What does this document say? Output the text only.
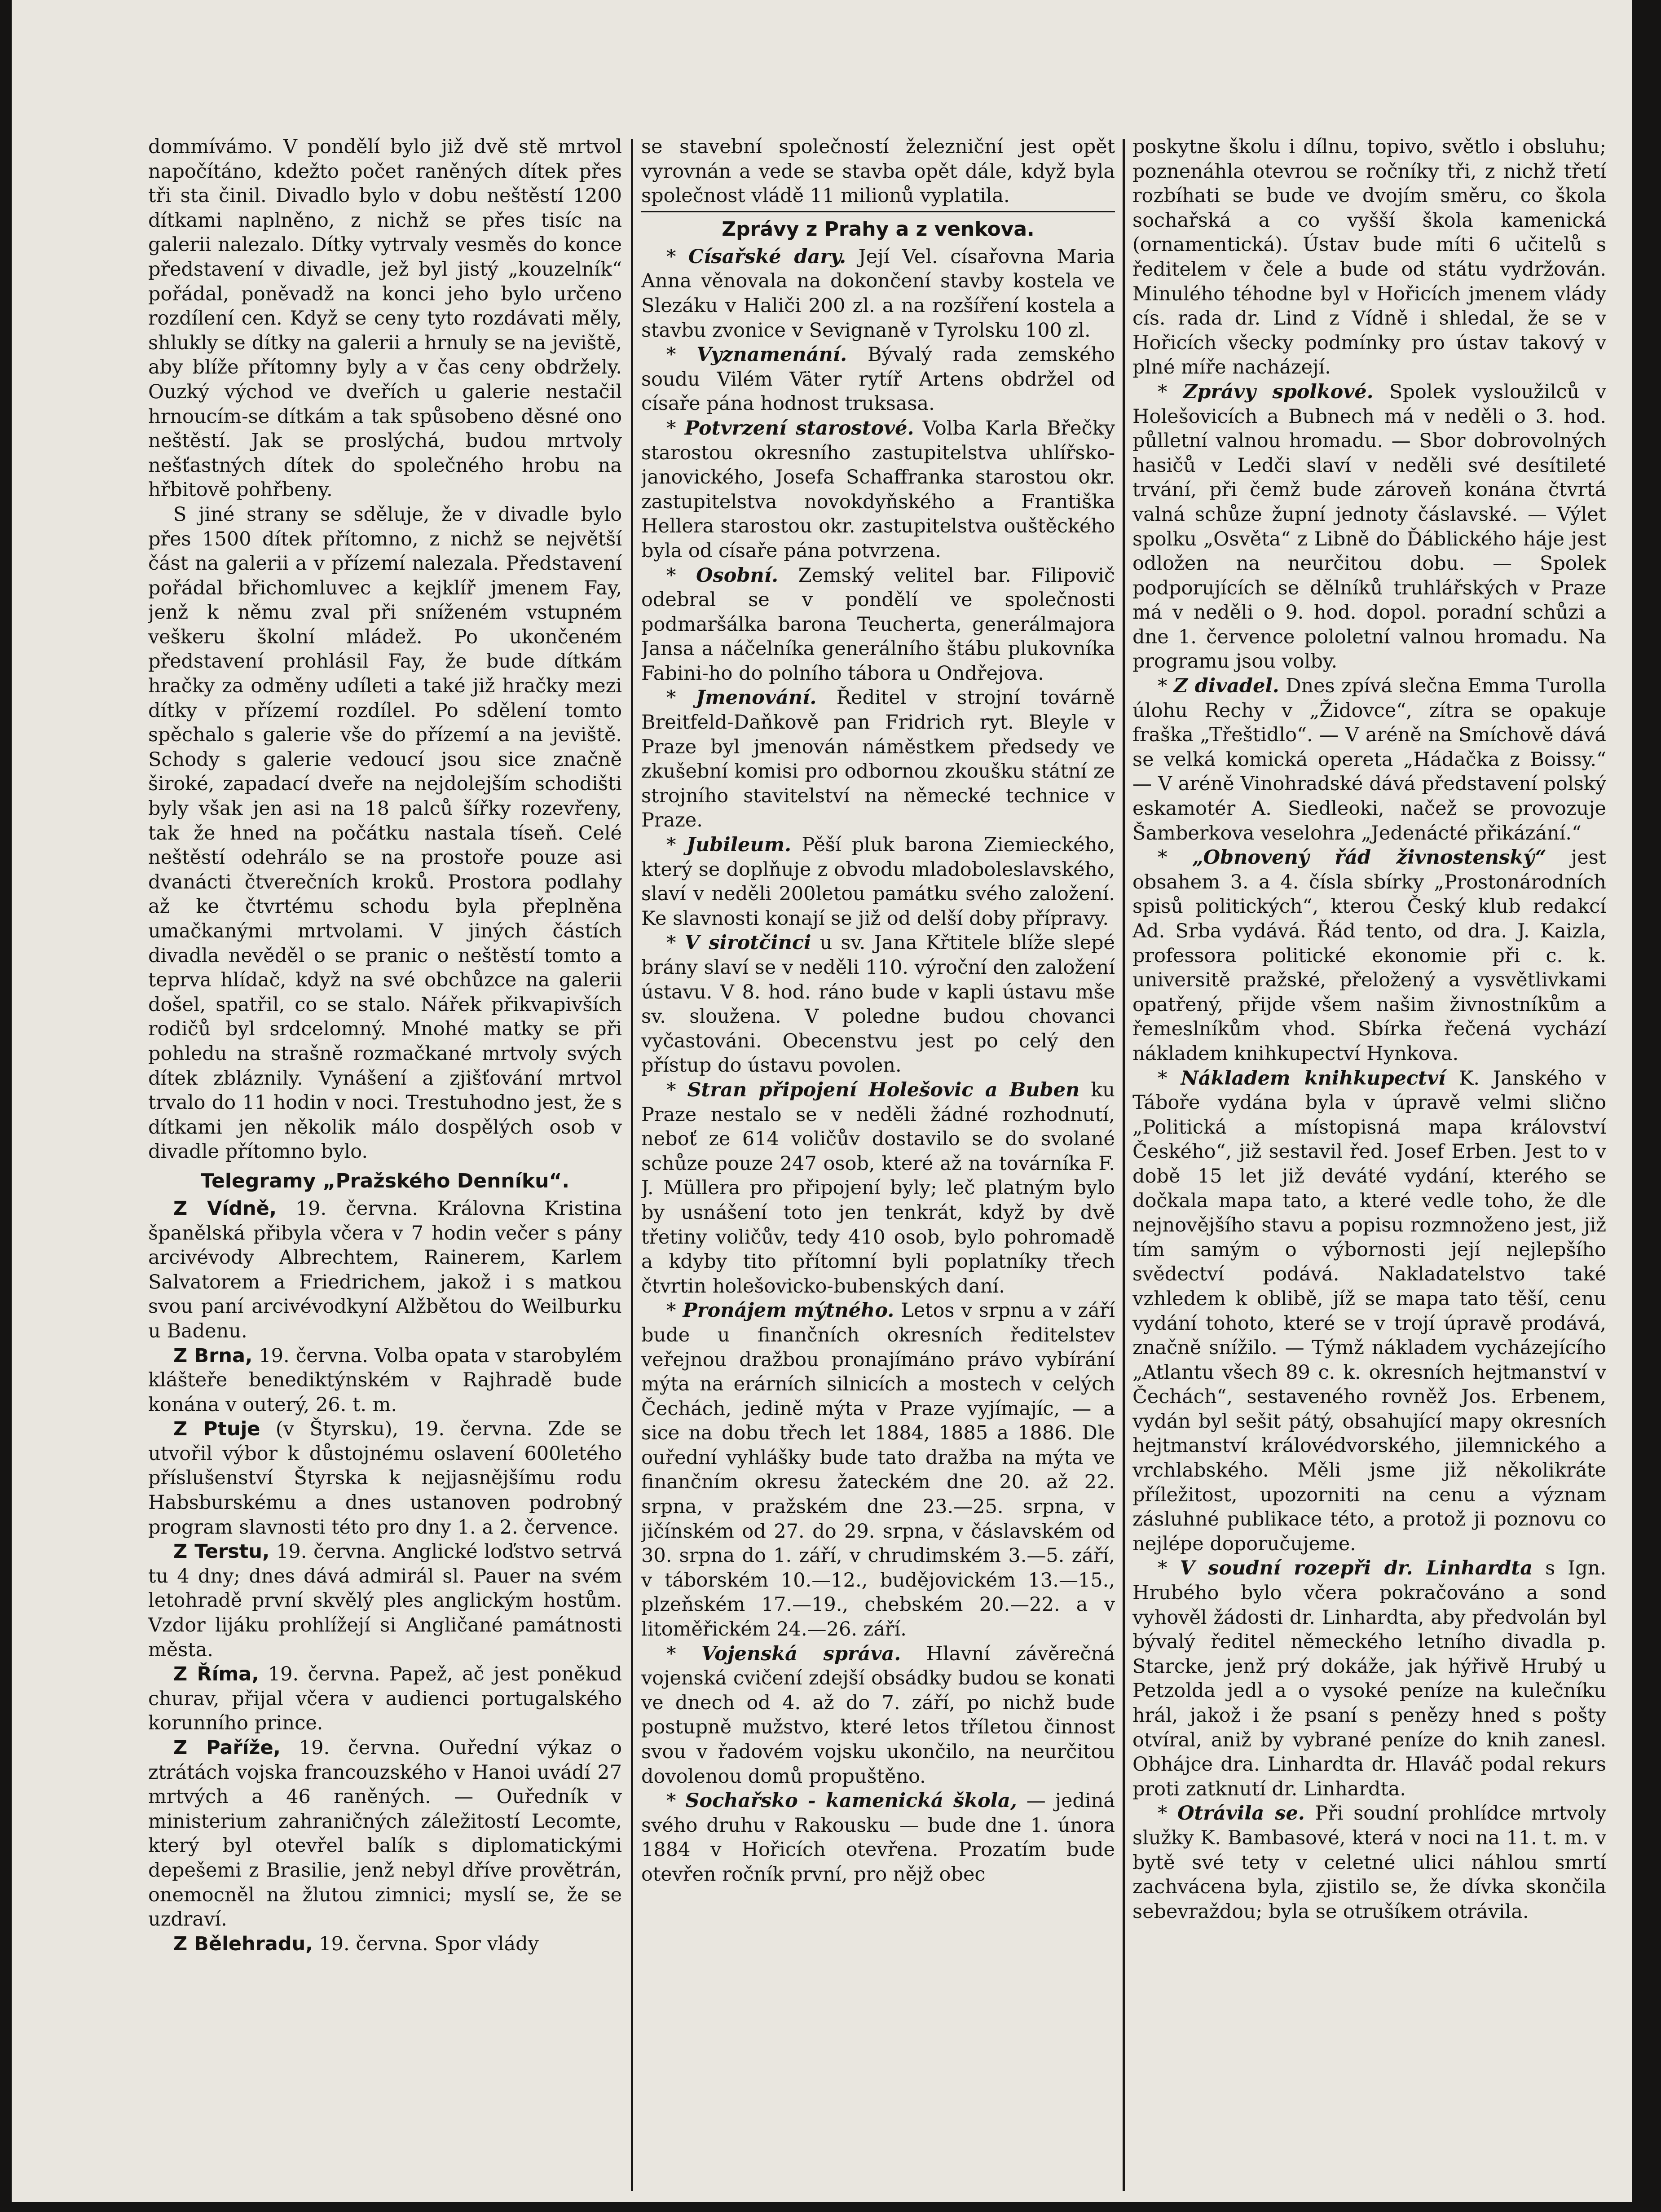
dommívámo. V pondělí bylo již dvě stě mrtvol napočítáno, kdežto počet raněných dítek přes tři sta činil. Divadlo bylo v dobu neštěstí 1200 dítkami naplněno, z nichž se přes tisíc na galerii nalezalo. Dítky vytrvaly vesměs do konce představení v divadle, jež byl jistý „kouzelník“ pořádal, poněvadž na konci jeho bylo určeno rozdílení cen. Když se ceny tyto rozdávati měly, shlukly se dítky na galerii a hrnuly se na jeviště, aby blíže přítomny byly a v čas ceny obdržely. Ouzký východ ve dveřích u galerie nestačil hrnoucím-se dítkám a tak spůsobeno děsné ono neštěstí. Jak se proslýchá, budou mrtvoly nešťastných dítek do společného hrobu na hřbitově pohřbeny.

S jiné strany se sděluje, že v divadle bylo přes 1500 dítek přítomno, z nichž se největší část na galerii a v přízemí nalezala. Představení pořádal břichomluvec a kejklíř jmenem Fay, jenž k němu zval při sníženém vstupném veškeru školní mládež. Po ukončeném představení prohlásil Fay, že bude dítkám hračky za odměny udíleti a také již hračky mezi dítky v přízemí rozdílel. Po sdělení tomto spěchalo s galerie vše do přízemí a na jeviště. Schody s galerie vedoucí jsou sice značně široké, zapadací dveře na nejdolejším schodišti byly však jen asi na 18 palců šířky rozevřeny, tak že hned na počátku nastala tíseň. Celé neštěstí odehrálo se na prostoře pouze asi dvanácti čtverečních kroků. Prostora podlahy až ke čtvrtému schodu byla přeplněna umačkanými mrtvolami. V jiných částích divadla nevěděl o se pranic o neštěstí tomto a teprva hlídač, když na své obchůzce na galerii došel, spatřil, co se stalo. Nářek přikvapivších rodičů byl srdcelomný. Mnohé matky se při pohledu na strašně rozmačkané mrtvoly svých dítek zbláznily. Vynášení a zjišťování mrtvol trvalo do 11 hodin v noci. Trestuhodno jest, že s dítkami jen několik málo dospělých osob v divadle přítomno bylo.

Telegramy „Pražského Denníku“.

Z Vídně, 19. června. Královna Kristina španělská přibyla včera v 7 hodin večer s pány arcivévody Albrechtem, Rainerem, Karlem Salvatorem a Friedrichem, jakož i s matkou svou paní arcivévodkyní Alžbětou do Weilburku u Badenu.

Z Brna, 19. června. Volba opata v starobylém klášteře benediktýnském v Rajhradě bude konána v outerý, 26. t. m.

Z Ptuje (v Štyrsku), 19. června. Zde se utvořil výbor k důstojnému oslavení 600letého příslušenství Štyrska k nejjasnějšímu rodu Habsburskému a dnes ustanoven podrobný program slavnosti této pro dny 1. a 2. července.

Z Terstu, 19. června. Anglické loďstvo setrvá tu 4 dny; dnes dává admirál sl. Pauer na svém letohradě první skvělý ples anglickým hostům. Vzdor lijáku prohlížejí si Angličané památnosti města.

Z Říma, 19. června. Papež, ač jest poněkud churav, přijal včera v audienci portugalského korunního prince.

Z Paříže, 19. června. Ouřední výkaz o ztrátách vojska francouzského v Hanoi uvádí 27 mrtvých a 46 raněných. — Ouředník v ministerium zahraničných záležitostí Lecomte, který byl otevřel balík s diplomatickými depešemi z Brasilie, jenž nebyl dříve provětrán, onemocněl na žlutou zimnici; myslí se, že se uzdraví.

Z Bělehradu, 19. června. Spor vlády

se stavební společností železniční jest opět vyrovnán a vede se stavba opět dále, když byla společnost vládě 11 milionů vyplatila.

Zprávy z Prahy a z venkova.

* Císařské dary. Její Vel. císařovna Maria Anna věnovala na dokončení stavby kostela ve Slezáku v Haliči 200 zl. a na rozšíření kostela a stavbu zvonice v Sevignaně v Tyrolsku 100 zl.

* Vyznamenání. Bývalý rada zemského soudu Vilém Väter rytíř Artens obdržel od císaře pána hodnost truksasa.

* Potvrzení starostové. Volba Karla Břečky starostou okresního zastupitelstva uhlířsko-janovického, Josefa Schaffranka starostou okr. zastupitelstva novokdyňského a Františka Hellera starostou okr. zastupitelstva ouštěckého byla od císaře pána potvrzena.

* Osobní. Zemský velitel bar. Filipovič odebral se v pondělí ve společnosti podmaršálka barona Teucherta, generálmajora Jansa a náčelníka generálního štábu plukovníka Fabini-ho do polního tábora u Ondřejova.

* Jmenování. Ředitel v strojní továrně Breitfeld-Daňkově pan Fridrich ryt. Bleyle v Praze byl jmenován náměstkem předsedy ve zkušební komisi pro odbornou zkoušku státní ze strojního stavitelství na německé technice v Praze.

* Jubileum. Pěší pluk barona Ziemieckého, který se doplňuje z obvodu mladoboleslavského, slaví v neděli 200letou památku svého založení. Ke slavnosti konají se již od delší doby přípravy.

* V sirotčinci u sv. Jana Křtitele blíže slepé brány slaví se v neděli 110. výroční den založení ústavu. V 8. hod. ráno bude v kapli ústavu mše sv. sloužena. V poledne budou chovanci vyčastováni. Obecenstvu jest po celý den přístup do ústavu povolen.

* Stran připojení Holešovic a Buben ku Praze nestalo se v neděli žádné rozhodnutí, neboť ze 614 voličův dostavilo se do svolané schůze pouze 247 osob, které až na továrníka F. J. Müllera pro připojení byly; leč platným bylo by usnášení toto jen tenkrát, když by dvě třetiny voličův, tedy 410 osob, bylo pohromadě a kdyby tito přítomní byli poplatníky třech čtvrtin holešovicko-bubenských daní.

* Pronájem mýtného. Letos v srpnu a v září bude u finančních okresních ředitelstev veřejnou dražbou pronajímáno právo vybírání mýta na erárních silnicích a mostech v celých Čechách, jedině mýta v Praze vyjímajíc, — a sice na dobu třech let 1884, 1885 a 1886. Dle ouřední vyhlášky bude tato dražba na mýta ve finančním okresu žateckém dne 20. až 22. srpna, v pražském dne 23.—25. srpna, v jičínském od 27. do 29. srpna, v čáslavském od 30. srpna do 1. září, v chrudimském 3.—5. září, v táborském 10.—12., budějovickém 13.—15., plzeňském 17.—19., chebském 20.—22. a v litoměřickém 24.—26. září.

* Vojenská správa. Hlavní závěrečná vojenská cvičení zdejší obsádky budou se konati ve dnech od 4. až do 7. září, po nichž bude postupně mužstvo, které letos tříletou činnost svou v řadovém vojsku ukončilo, na neurčitou dovolenou domů propuštěno.

* Sochařsko - kamenická škola, — jediná svého druhu v Rakousku — bude dne 1. února 1884 v Hořicích otevřena. Prozatím bude otevřen ročník první, pro nějž obec

poskytne školu i dílnu, topivo, světlo i obsluhu; poznenáhla otevrou se ročníky tři, z nichž třetí rozbíhati se bude ve dvojím směru, co škola sochařská a co vyšší škola kamenická (ornamentická). Ústav bude míti 6 učitelů s ředitelem v čele a bude od státu vydržován. Minulého téhodne byl v Hořicích jmenem vlády cís. rada dr. Lind z Vídně i shledal, že se v Hořicích všecky podmínky pro ústav takový v plné míře nacházejí.

* Zprávy spolkové. Spolek vysloužilců v Holešovicích a Bubnech má v neděli o 3. hod. půlletní valnou hromadu. — Sbor dobrovolných hasičů v Ledči slaví v neděli své desítileté trvání, při čemž bude zároveň konána čtvrtá valná schůze župní jednoty čáslavské. — Výlet spolku „Osvěta“ z Libně do Ďáblického háje jest odložen na neurčitou dobu. — Spolek podporujících se dělníků truhlářských v Praze má v neděli o 9. hod. dopol. poradní schůzi a dne 1. července pololetní valnou hromadu. Na programu jsou volby.

* Z divadel. Dnes zpívá slečna Emma Turolla úlohu Rechy v „Židovce“, zítra se opakuje fraška „Třeštidlo“. — V aréně na Smíchově dává se velká komická opereta „Hádačka z Boissy.“ — V aréně Vinohradské dává představení polský eskamotér A. Siedleoki, načež se provozuje Šamberkova veselohra „Jedenácté přikázání.“

* „Obnovený řád živnostenský“ jest obsahem 3. a 4. čísla sbírky „Prostonárodních spisů politických“, kterou Český klub redakcí Ad. Srba vydává. Řád tento, od dra. J. Kaizla, professora politické ekonomie při c. k. universitě pražské, přeložený a vysvětlivkami opatřený, přijde všem našim živnostníkům a řemeslníkům vhod. Sbírka řečená vychází nákladem knihkupectví Hynkova.

* Nákladem knihkupectví K. Janského v Táboře vydána byla v úpravě velmi slično „Politická a místopisná mapa království Českého“, již sestavil řed. Josef Erben. Jest to v době 15 let již deváté vydání, kterého se dočkala mapa tato, a které vedle toho, že dle nejnovějšího stavu a popisu rozmnoženo jest, již tím samým o výbornosti její nejlepšího svědectví podává. Nakladatelstvo také vzhledem k oblibě, jíž se mapa tato těší, cenu vydání tohoto, které se v trojí úpravě prodává, značně snížilo. — Týmž nákladem vycházejícího „Atlantu všech 89 c. k. okresních hejtmanství v Čechách“, sestaveného rovněž Jos. Erbenem, vydán byl sešit pátý, obsahující mapy okresních hejtmanství královédvorského, jilemnického a vrchlabského. Měli jsme již několikráte příležitost, upozorniti na cenu a význam zásluhné publikace této, a protož ji poznovu co nejlépe doporučujeme.

* V soudní rozepři dr. Linhardta s Ign. Hrubého bylo včera pokračováno a sond vyhověl žádosti dr. Linhardta, aby předvolán byl bývalý ředitel německého letního divadla p. Starcke, jenž prý dokáže, jak hýřivě Hrubý u Petzolda jedl a o vysoké peníze na kulečníku hrál, jakož i že psaní s penězy hned s pošty otvíral, aniž by vybrané peníze do knih zanesl. Obhájce dra. Linhardta dr. Hlaváč podal rekurs proti zatknutí dr. Linhardta.

* Otrávila se. Při soudní prohlídce mrtvoly služky K. Bambasové, která v noci na 11. t. m. v bytě své tety v celetné ulici náhlou smrtí zachvácena byla, zjistilo se, že dívka skončila sebevraždou; byla se otrušíkem otrávila.
